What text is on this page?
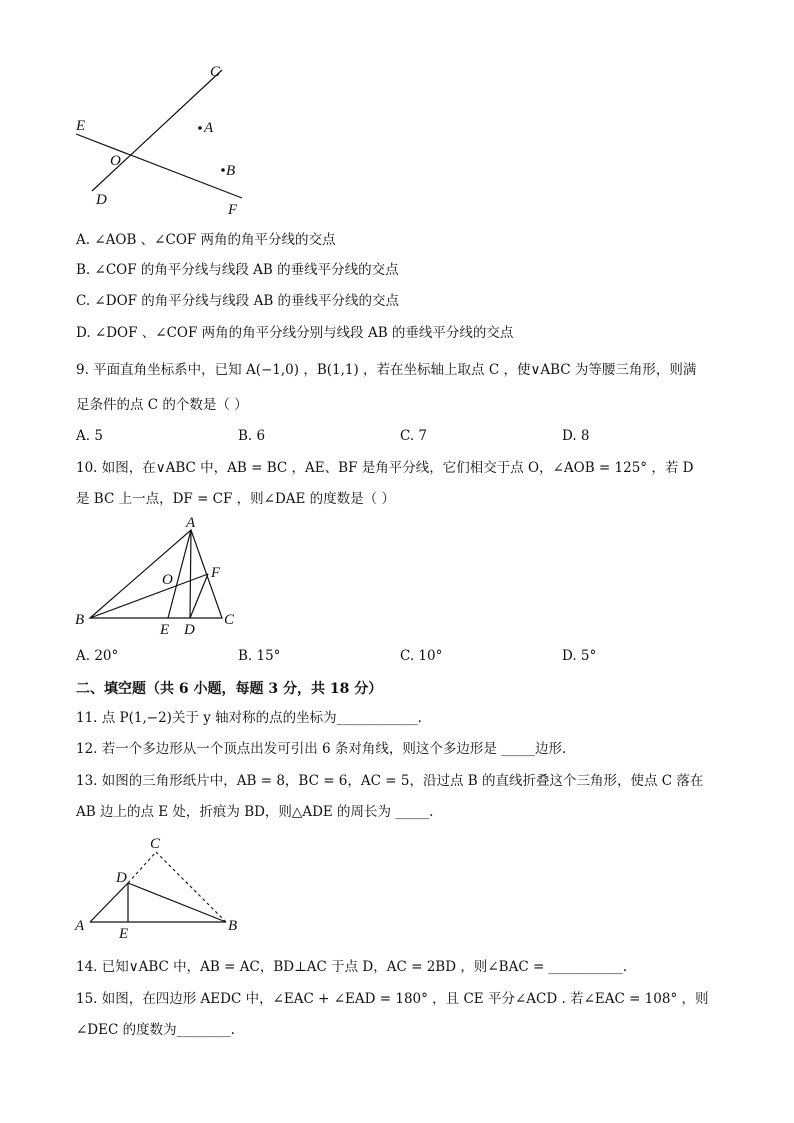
C
E	A
O
B
D
F
A. ∠AOB 、∠COF 两角的角平分线的交点
B. ∠COF 的角平分线与线段 AB 的垂线平分线的交点
C. ∠DOF 的角平分线与线段 AB 的垂线平分线的交点
D. ∠DOF 、∠COF 两角的角平分线分别与线段 AB 的垂线平分线的交点
9. 平面直角坐标系中，已知 A(−1,0) ，B(1,1) ，若在坐标轴上取点 C ，使∨ABC 为等腰三角形，则满
足条件的点 C 的个数是（ ）
A. 5	B. 6	C. 7	D. 8
10. 如图，在∨ABC 中，AB = BC ，AE、BF 是角平分线，它们相交于点 O，∠AOB = 125° ，若 D
是 BC 上一点，DF = CF ，则∠DAE 的度数是（ ）
A
O	F
B
E D
C
A. 20°	B. 15°	C. 10°	D. 5°
二、填空题（共 6 小题，每题 3 分，共 18 分）
11. 点 P(1,−2)关于 y 轴对称的点的坐标为____________.
12. 若一个多边形从一个顶点出发可引出 6 条对角线，则这个多边形是 _____边形.
13. 如图的三角形纸片中，AB = 8，BC = 6，AC = 5，沿过点 B 的直线折叠这个三角形，使点 C 落在
AB 边上的点 E 处，折痕为 BD，则△ADE 的周长为 _____.
C
D
A E	B
14. 已知∨ABC 中，AB = AC，BD⊥AC 于点 D，AC = 2BD ，则∠BAC = ___________.
15. 如图，在四边形 AEDC 中，∠EAC + ∠EAD = 180° ，且 CE 平分∠ACD . 若∠EAC = 108° ，则
∠DEC 的度数为________.
